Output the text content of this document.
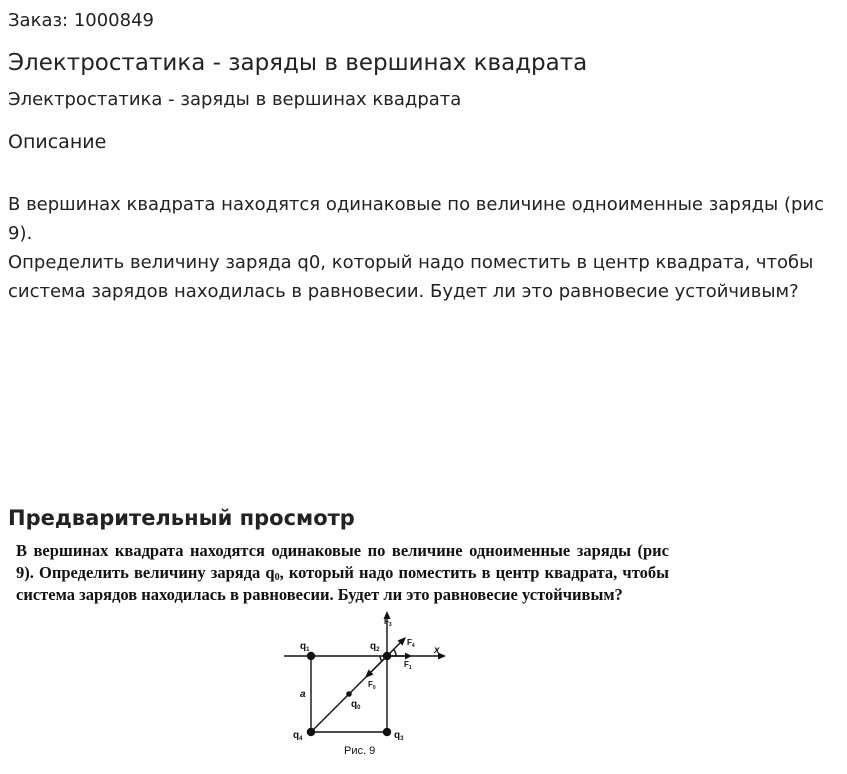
Заказ: 1000849
Электростатика - заряды в вершинах квадрата
Электростатика - заряды в вершинах квадрата
Описание
В вершинах квадрата находятся одинаковые по величине одноименные заряды (рис 9).
Определить величину заряда q0, который надо поместить в центр квадрата, чтобы система зарядов находилась в равновесии. Будет ли это равновесие устойчивым?
Предварительный просмотр

В вершинах квадрата находятся одинаковые по величине одноименные заряды (рис 9). Определить величину заряда $q_0$, который надо поместить в центр квадрата, чтобы система зарядов находилась в равновесии. Будет ли это равновесие устойчивым?

$q_1$	$q_2$
$q_3$
$q_4$
$q_0$
a
x
$F_3$
$F_4$
$F_1$
$F_0$
Рис. 9
